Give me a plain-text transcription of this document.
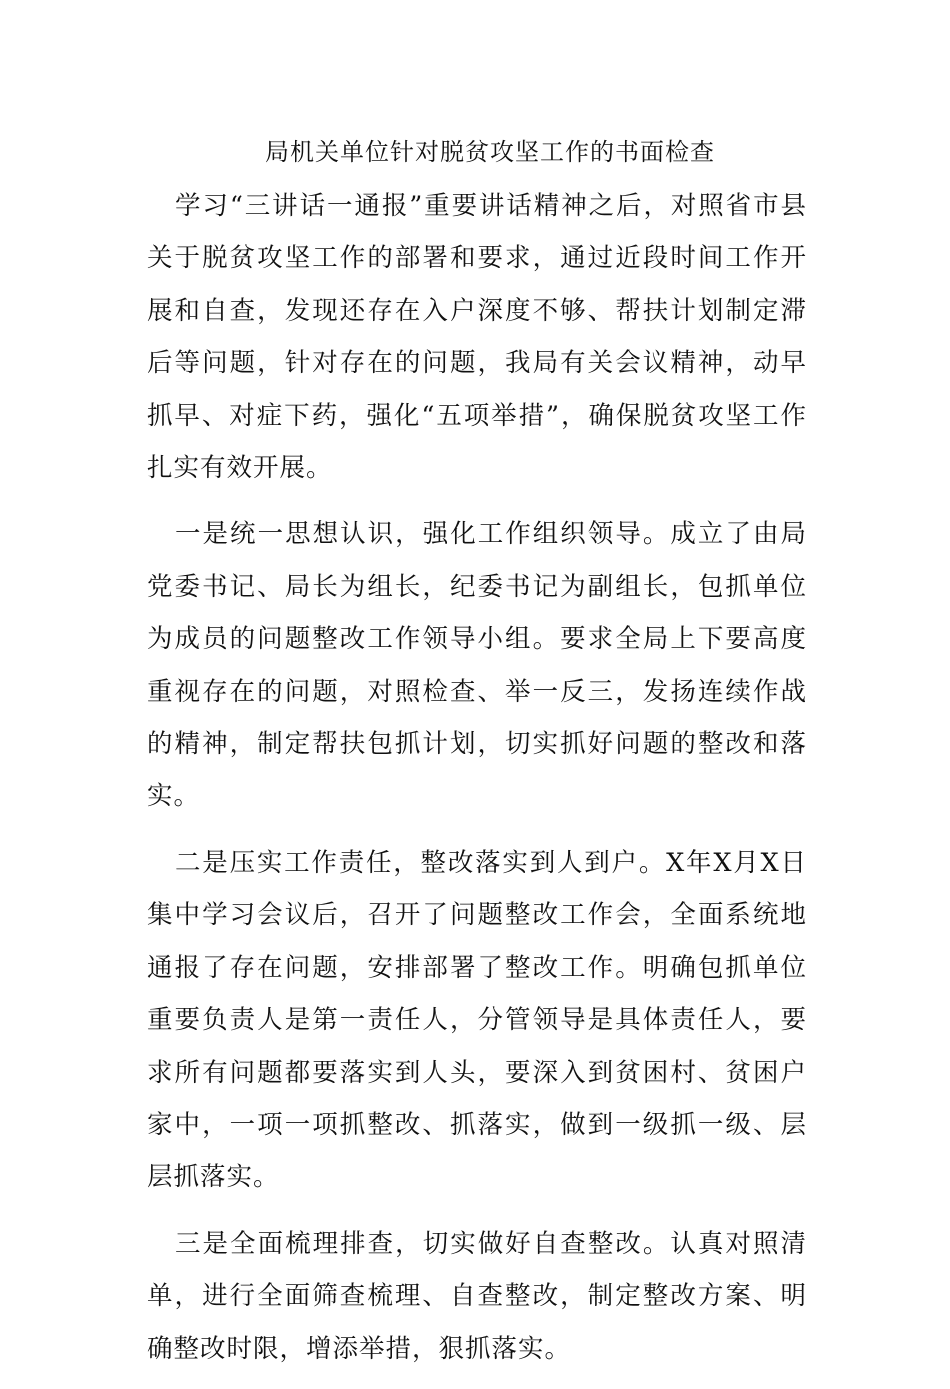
局机关单位针对脱贫攻坚工作的书面检查

学习“三讲话一通报”重要讲话精神之后，对照省市县关于脱贫攻坚工作的部署和要求，通过近段时间工作开展和自查，发现还存在入户深度不够、帮扶计划制定滞后等问题，针对存在的问题，我局有关会议精神，动早抓早、对症下药，强化“五项举措”，确保脱贫攻坚工作扎实有效开展。

一是统一思想认识，强化工作组织领导。成立了由局党委书记、局长为组长，纪委书记为副组长，包抓单位为成员的问题整改工作领导小组。要求全局上下要高度重视存在的问题，对照检查、举一反三，发扬连续作战的精神，制定帮扶包抓计划，切实抓好问题的整改和落实。

二是压实工作责任，整改落实到人到户。X年X月X日集中学习会议后，召开了问题整改工作会，全面系统地通报了存在问题，安排部署了整改工作。明确包抓单位重要负责人是第一责任人，分管领导是具体责任人，要求所有问题都要落实到人头，要深入到贫困村、贫困户家中，一项一项抓整改、抓落实，做到一级抓一级、层层抓落实。

三是全面梳理排查，切实做好自查整改。认真对照清单，进行全面筛查梳理、自查整改，制定整改方案、明确整改时限，增添举措，狠抓落实。
